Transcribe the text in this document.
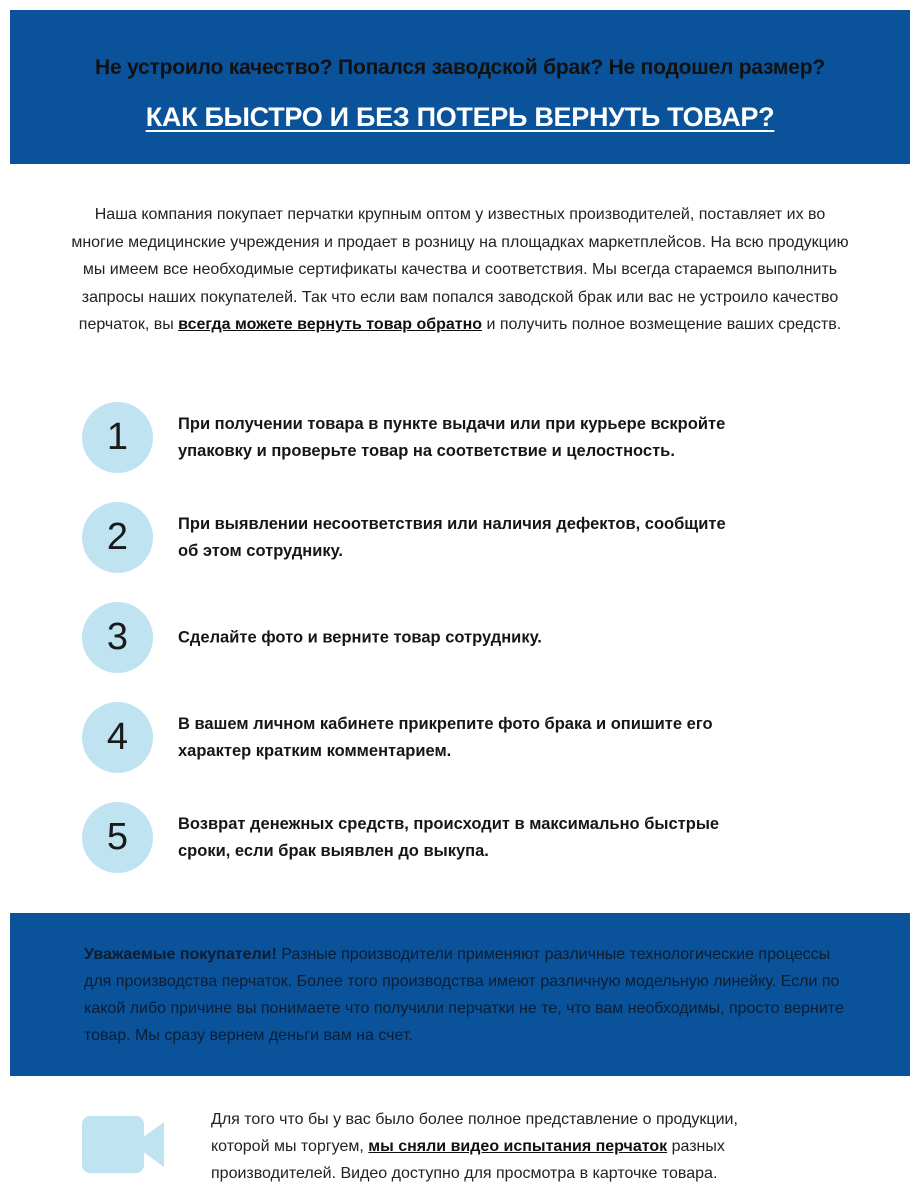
Не устроило качество? Попался заводской брак? Не подошел размер?
КАК БЫСТРО И БЕЗ ПОТЕРЬ ВЕРНУТЬ ТОВАР?
Наша компания покупает перчатки крупным оптом у известных производителей, поставляет их во многие медицинские учреждения и продает в розницу на площадках маркетплейсов. На всю продукцию мы имеем все необходимые сертификаты качества и соответствия. Мы всегда стараемся выполнить запросы наших покупателей. Так что если вам попался заводской брак или вас не устроило качество перчаток, вы всегда можете вернуть товар обратно и получить полное возмещение ваших средств.
1	При получении товара в пункте выдачи или при курьере вскройте упаковку и проверьте товар на соответствие и целостность.
2	При выявлении несоответствия или наличия дефектов, сообщите об этом сотруднику.
3	Сделайте фото и верните товар сотруднику.
4	В вашем личном кабинете прикрепите фото брака и опишите его характер кратким комментарием.
5	Возврат денежных средств, происходит в максимально быстрые сроки, если брак выявлен до выкупа.
Уважаемые покупатели! Разные производители применяют различные технологические процессы для производства перчаток. Более того производства имеют различную модельную линейку. Если по какой либо причине вы понимаете что получили перчатки не те, что вам необходимы, просто верните товар. Мы сразу вернем деньги вам на счет.
Для того что бы у вас было более полное представление о продукции, которой мы торгуем, мы сняли видео испытания перчаток разных производителей. Видео доступно для просмотра в карточке товара.
